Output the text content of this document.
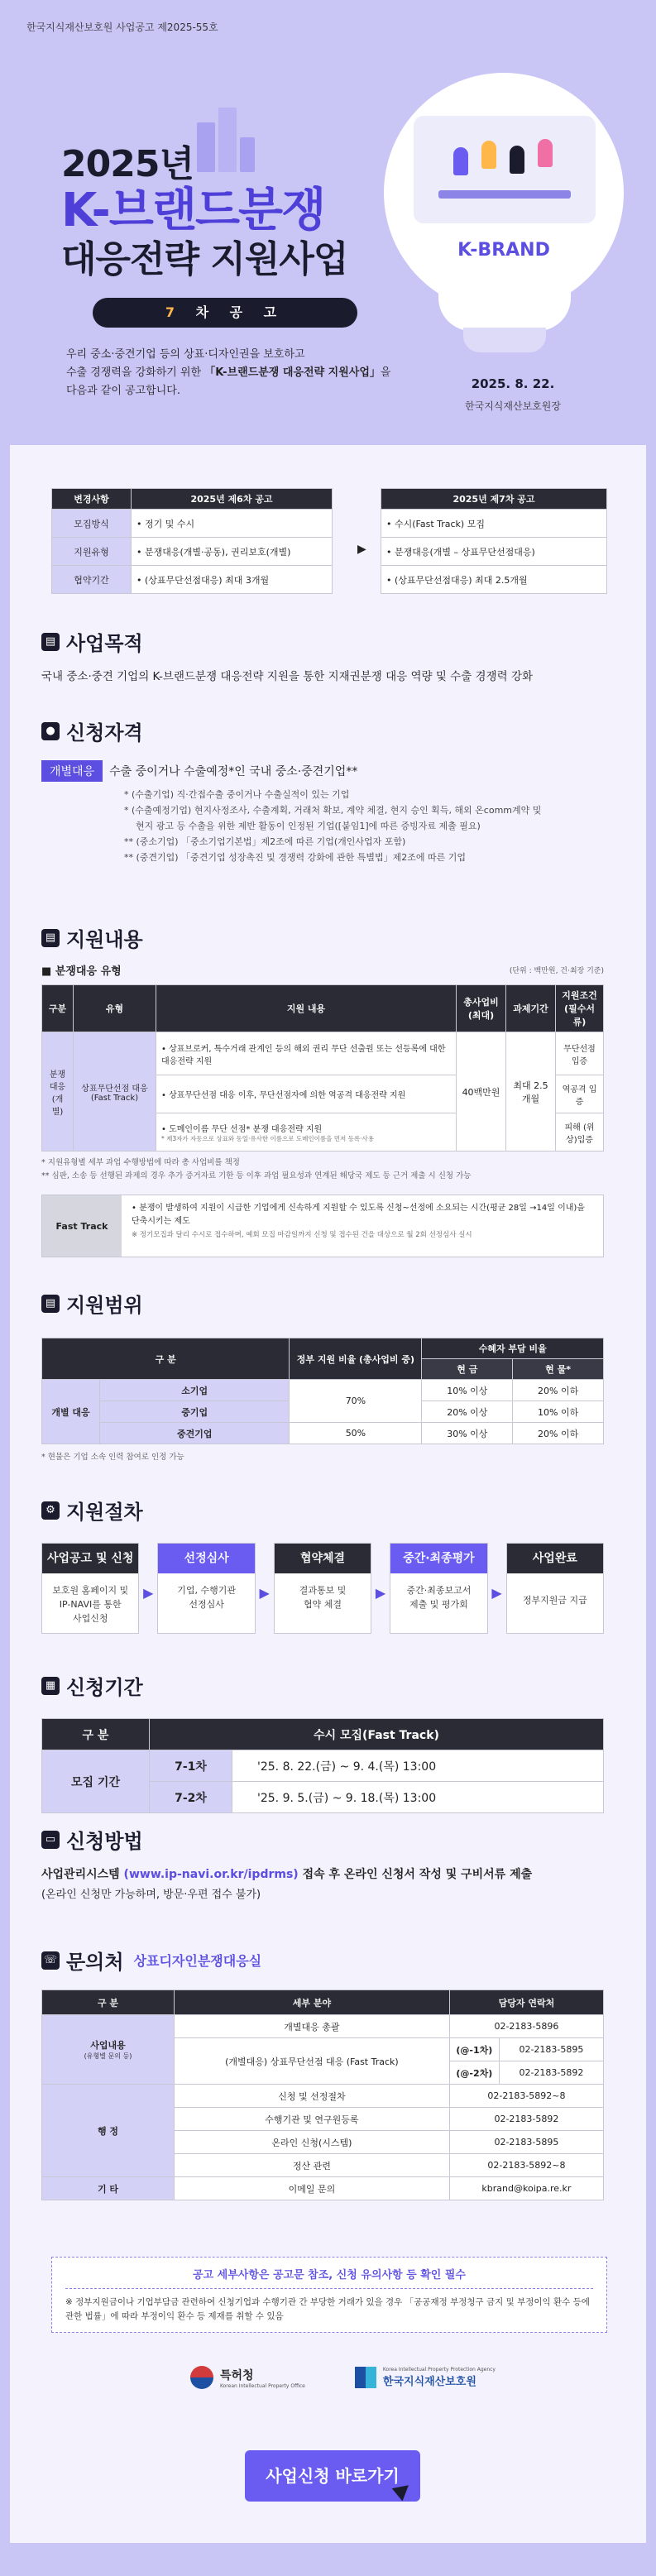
한국지식재산보호원 사업공고 제2025-55호
2025년
K-브랜드분쟁
대응전략 지원사업
7 차 공 고
우리 중소·중견기업 등의 상표·디자인권을 보호하고
수출 경쟁력을 강화하기 위한 「K-브랜드분쟁 대응전략 지원사업」을
다음과 같이 공고합니다.
K-BRAND
2025. 8. 22.
한국지식재산보호원장
변경사항	2025년 제6차 공고
모집방식	• 정기 및 수시
지원유형	• 분쟁대응(개별·공동), 권리보호(개별)
협약기간	• (상표무단선점대응) 최대 3개월
▶
2025년 제7차 공고
• 수시(Fast Track) 모집
• 분쟁대응(개별 – 상표무단선점대응)
• (상표무단선점대응) 최대 2.5개월
▤ 사업목적

국내 중소·중견 기업의 K-브랜드분쟁 대응전략 지원을 통한 지재권분쟁 대응 역량 및 수출 경쟁력 강화

● 신청자격
개별대응	수출 중이거나 수출예정*인 국내 중소·중견기업**
* (수출기업) 직·간접수출 중이거나 수출실적이 있는 기업
* (수출예정기업) 현지사정조사, 수출계획, 거래처 확보, 계약 체결, 현지 승인 획득, 해외 온comm계약 및
현지 광고 등 수출을 위한 제반 활동이 인정된 기업([붙임1]에 따른 증빙자료 제출 필요)
** (중소기업) 「중소기업기본법」제2조에 따른 기업(개인사업자 포함)
** (중견기업) 「중견기업 성장촉진 및 경쟁력 강화에 관한 특별법」제2조에 따른 기업
▤ 지원내용
■ 분쟁대응 유형	(단위 : 백만원, 건·최장 기준)
구분	유형	지원 내용	총사업비 (최대)	과제기간	지원조건 (필수서류)
분쟁 대응 (개별)	상표무단선점 대응 (Fast Track)	• 상표브로커, 특수거래 관계인 등의 해외 권리 무단 선출원 또는 선등록에 대한 대응전략 지원	40백만원	최대 2.5개월	무단선점 입증
		• 상표무단선점 대응 이후, 무단선점자에 의한 역공격 대응전략 지원			역공격 입증

		• 도메인이름 무단 선점* 분쟁 대응전략 지원
* 제3자가 자동으로 상표와 동일·유사한 이름으로 도메인이름을 먼저 등록·사용			피해 (위상)입증
* 지원유형별 세부 과업 수행방법에 따라 총 사업비를 책정
** 심판, 소송 등 선행된 과제의 경우 추가 증거자료 기한 등 이후 과업 필요성과 연계된 해당국 제도 등 근거 제출 시 신청 가능
Fast Track
• 분쟁이 발생하여 지원이 시급한 기업에게 신속하게 지원할 수 있도록 신청~선정에 소요되는 시간(평균 28일 →14일 이내)을 단축시키는 제도
※ 정기모집과 달리 수시로 접수하며, 예회 모집 마감일까지 신청 및 접수된 건을 대상으로 월 2회 선정심사 실시
▤ 지원범위
구 분		정부 지원 비율 (총사업비 중)	수혜자 부담 비율	
			현 금	현 물*
개별 대응	소기업	70%	10% 이상	20% 이하
	중기업		20% 이상	10% 이하
	중견기업	50%	30% 이상	20% 이하
* 현물은 기업 소속 인력 참여로 인정 가능
⚙ 지원절차
사업공고 및 신청
보호원 홈페이지 및
IP-NAVI를 통한
사업신청
▶
선정심사
기업, 수행기관
선정심사
▶
협약체결
결과통보 및
협약 체결
▶
중간·최종평가
중간·최종보고서
제출 및 평가회
▶
사업완료
정부지원금 지급
▦ 신청기간
구 분	수시 모집(Fast Track)	
모집 기간	7-1차	'25. 8. 22.(금) ~ 9. 4.(목) 13:00
	7-2차	'25. 9. 5.(금) ~ 9. 18.(목) 13:00
▭ 신청방법
사업관리시스템 (www.ip-navi.or.kr/ipdrms) 접속 후 온라인 신청서 작성 및 구비서류 제출
(온라인 신청만 가능하며, 방문·우편 접수 불가)
☏ 문의처 상표디자인분쟁대응실
구 분	세부 분야	담당자 연락처	

사업내용
(유형별 문의 등)	개별대응 총괄	02-2183-5896	
	(개별대응) 상표무단선점 대응 (Fast Track)	(@-1차)	02-2183-5895
		(@-2차)	02-2183-5892
행 정	신청 및 선정절차	02-2183-5892~8	
	수행기관 및 연구원등록	02-2183-5892	
	온라인 신청(시스템)	02-2183-5895	
	정산 관련	02-2183-5892~8	
기 타	이메일 문의	kbrand@koipa.re.kr	
공고 세부사항은 공고문 참조, 신청 유의사항 등 확인 필수
※ 정부지원금이나 기업부담금 관련하여 신청기업과 수행기관 간 부당한 거래가 있을 경우 「공공재정 부정청구 금지 및 부정이익 환수 등에 관한 법률」에 따라 부정이익 환수 등 제재를 취할 수 있음
특허청
Korean Intellectual Property Office
Korea Intellectual Property Protection Agency
한국지식재산보호원
사업신청 바로가기
